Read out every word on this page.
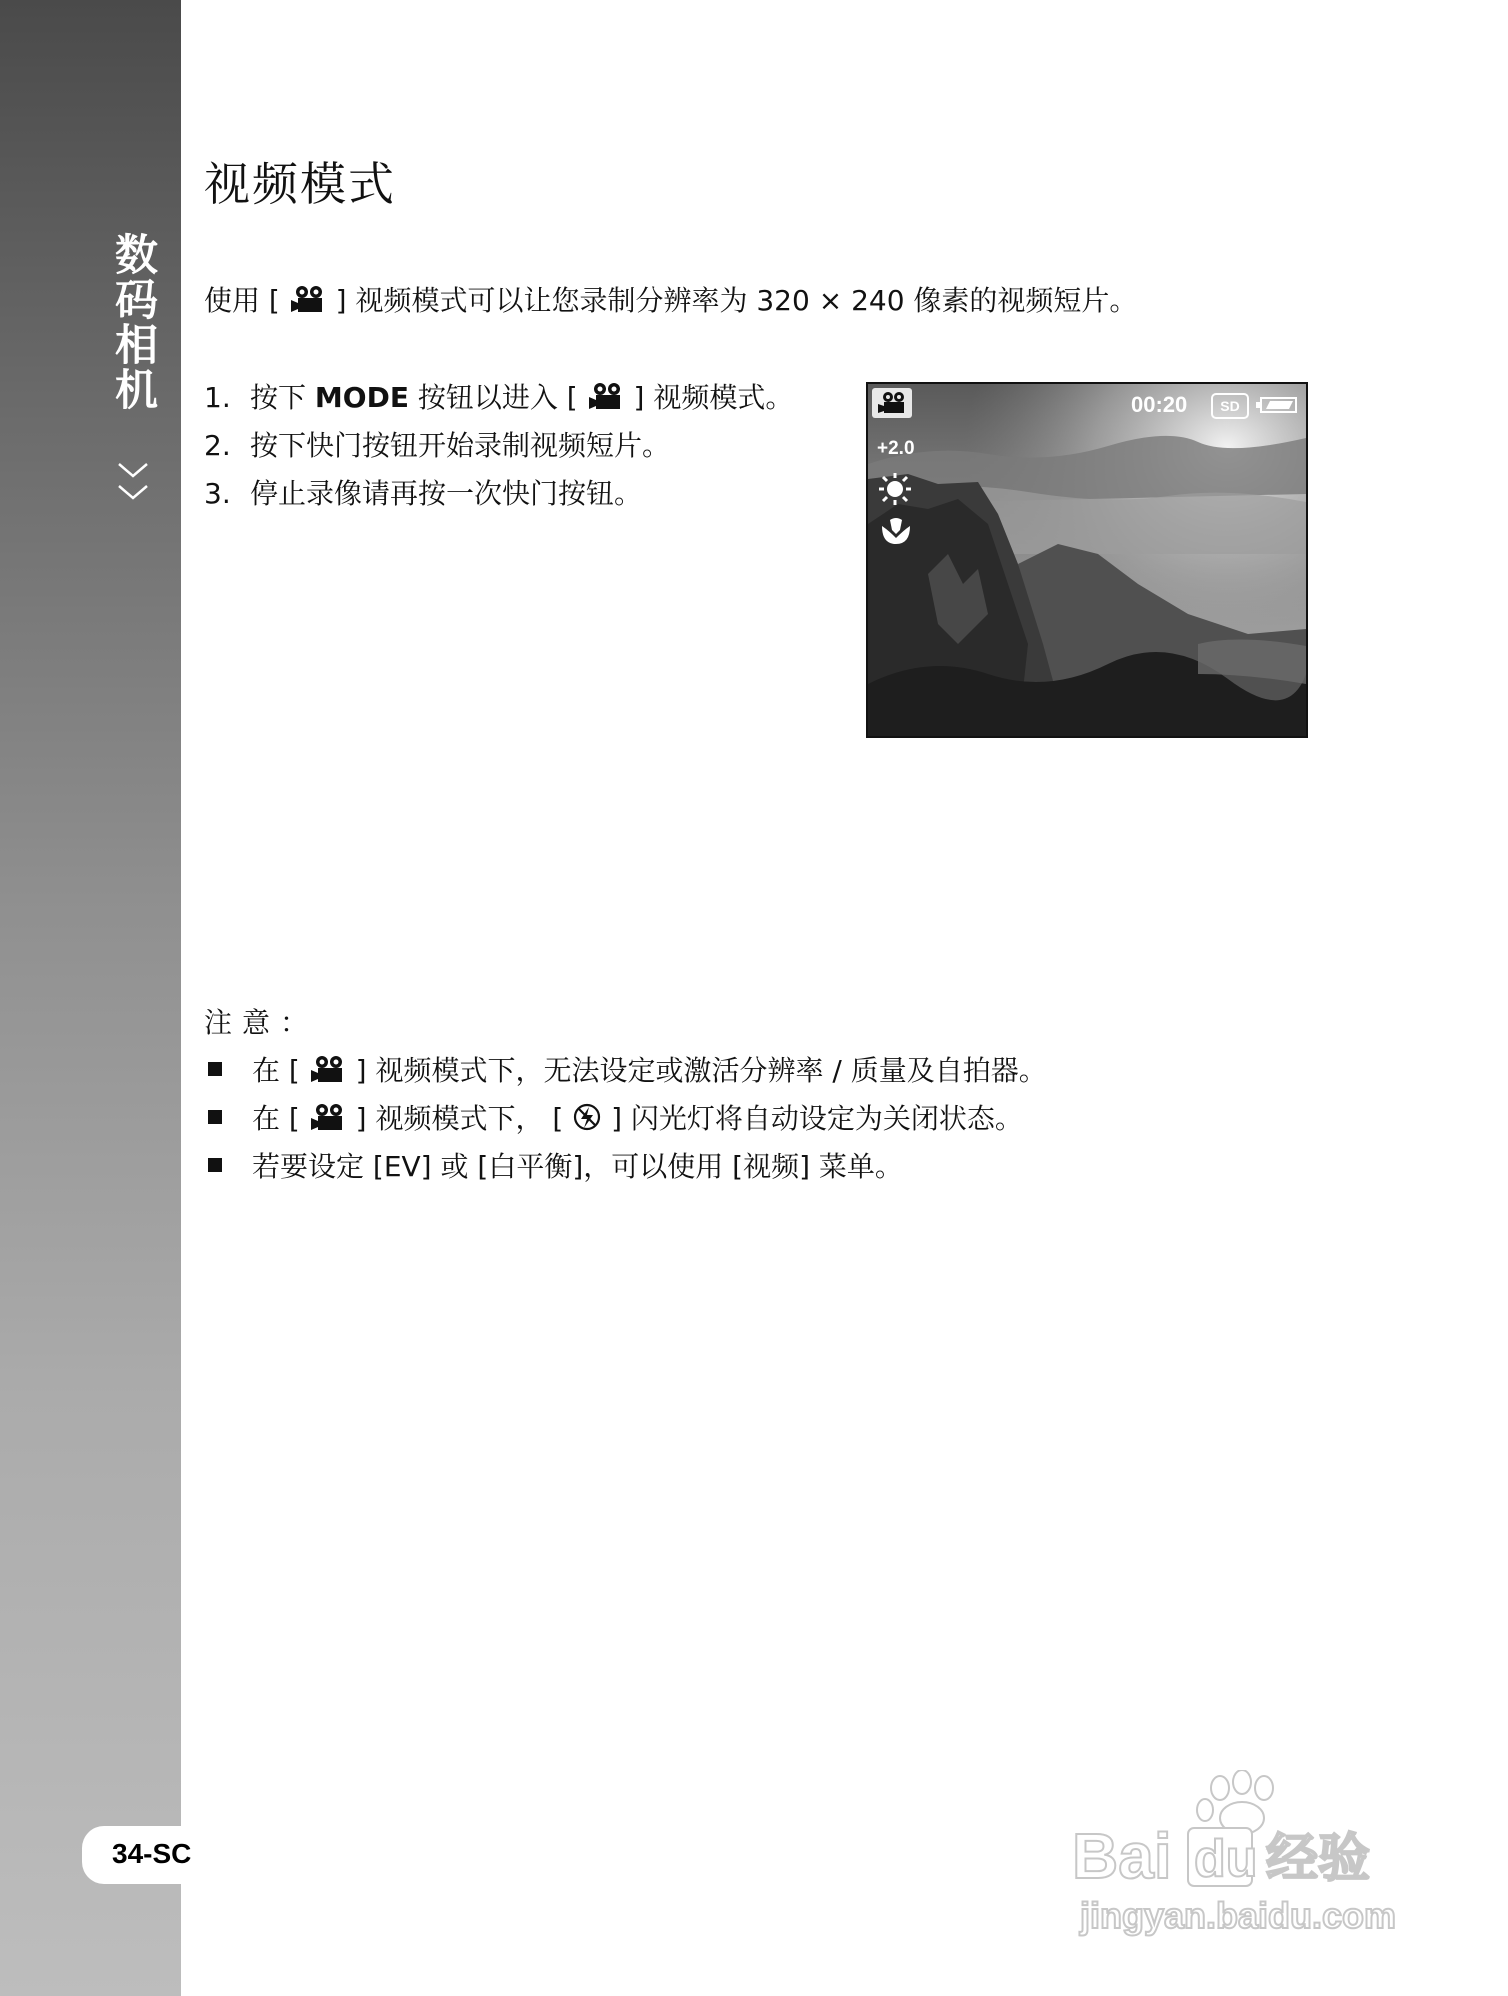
数码相机
34-SC
视频模式
使用 [ ] 视频模式可以让您录制分辨率为 320 × 240 像素的视频短片。
1. 按下 MODE 按钮以进入 [ ] 视频模式。
2. 按下快门按钮开始录制视频短片。
3. 停止录像请再按一次快门按钮。
00:20	SD
+2.0
注意：
在 [ ] 视频模式下，无法设定或激活分辨率 / 质量及自拍器。
在 [ ] 视频模式下， [ ] 闪光灯将自动设定为关闭状态。
若要设定 [EV] 或 [白平衡]，可以使用 [视频] 菜单。
Bai du 经验
jingyan.baidu.com
